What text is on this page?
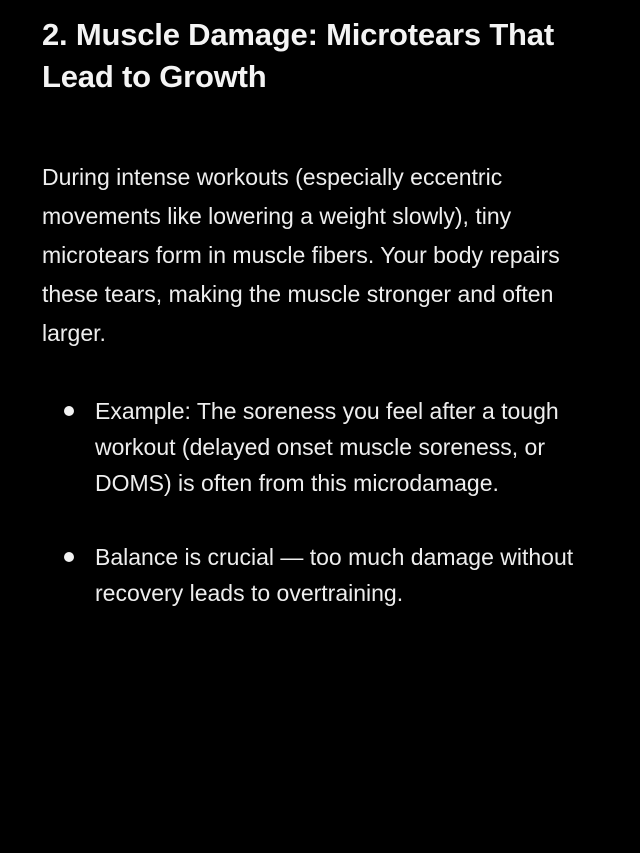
2. Muscle Damage: Microtears That Lead to Growth

During intense workouts (especially eccentric movements like lowering a weight slowly), tiny microtears form in muscle fibers. Your body repairs these tears, making the muscle stronger and often larger.

Example: The soreness you feel after a tough workout (delayed onset muscle soreness, or DOMS) is often from this microdamage.
Balance is crucial — too much damage without recovery leads to overtraining.
